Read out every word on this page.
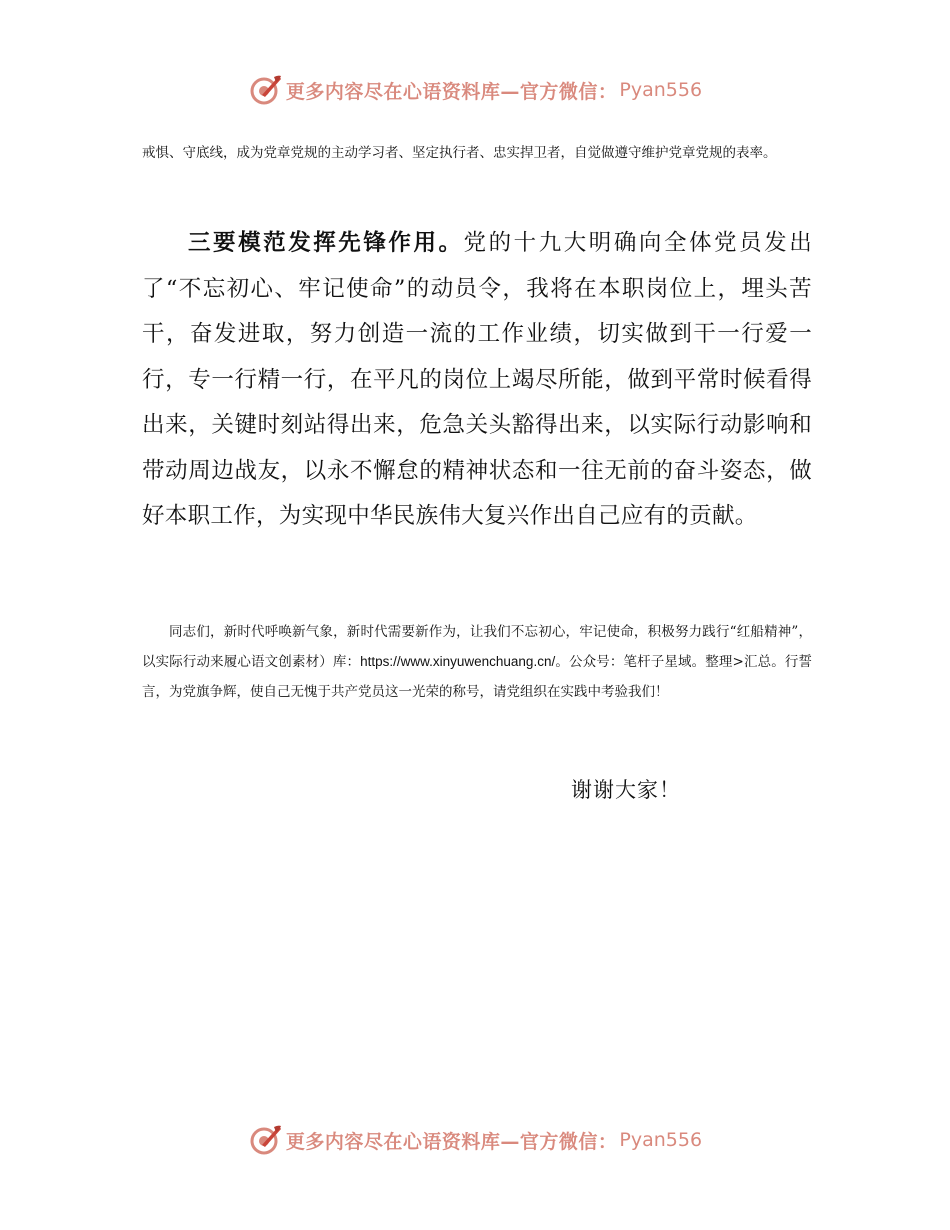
更多内容尽在心语资料库—官方微信： Pyan556

戒惧、守底线，成为党章党规的主动学习者、坚定执行者、忠实捍卫者，自觉做遵守维护党章党规的表率。

三要模范发挥先锋作用。党的十九大明确向全体党员发出了“不忘初心、牢记使命”的动员令，我将在本职岗位上，埋头苦干，奋发进取，努力创造一流的工作业绩，切实做到干一行爱一行，专一行精一行，在平凡的岗位上竭尽所能，做到平常时候看得出来，关键时刻站得出来，危急关头豁得出来，以实际行动影响和带动周边战友，以永不懈怠的精神状态和一往无前的奋斗姿态，做好本职工作，为实现中华民族伟大复兴作出自己应有的贡献。

同志们，新时代呼唤新气象，新时代需要新作为，让我们不忘初心，牢记使命，积极努力践行“红船精神”，以实际行动来履心语文创素材）库：https://www.xinyuwenchuang.cn/。公众号：笔杆子星域。整理>汇总。行誓言，为党旗争辉，使自己无愧于共产党员这一光荣的称号，请党组织在实践中考验我们！

谢谢大家！

更多内容尽在心语资料库—官方微信： Pyan556
